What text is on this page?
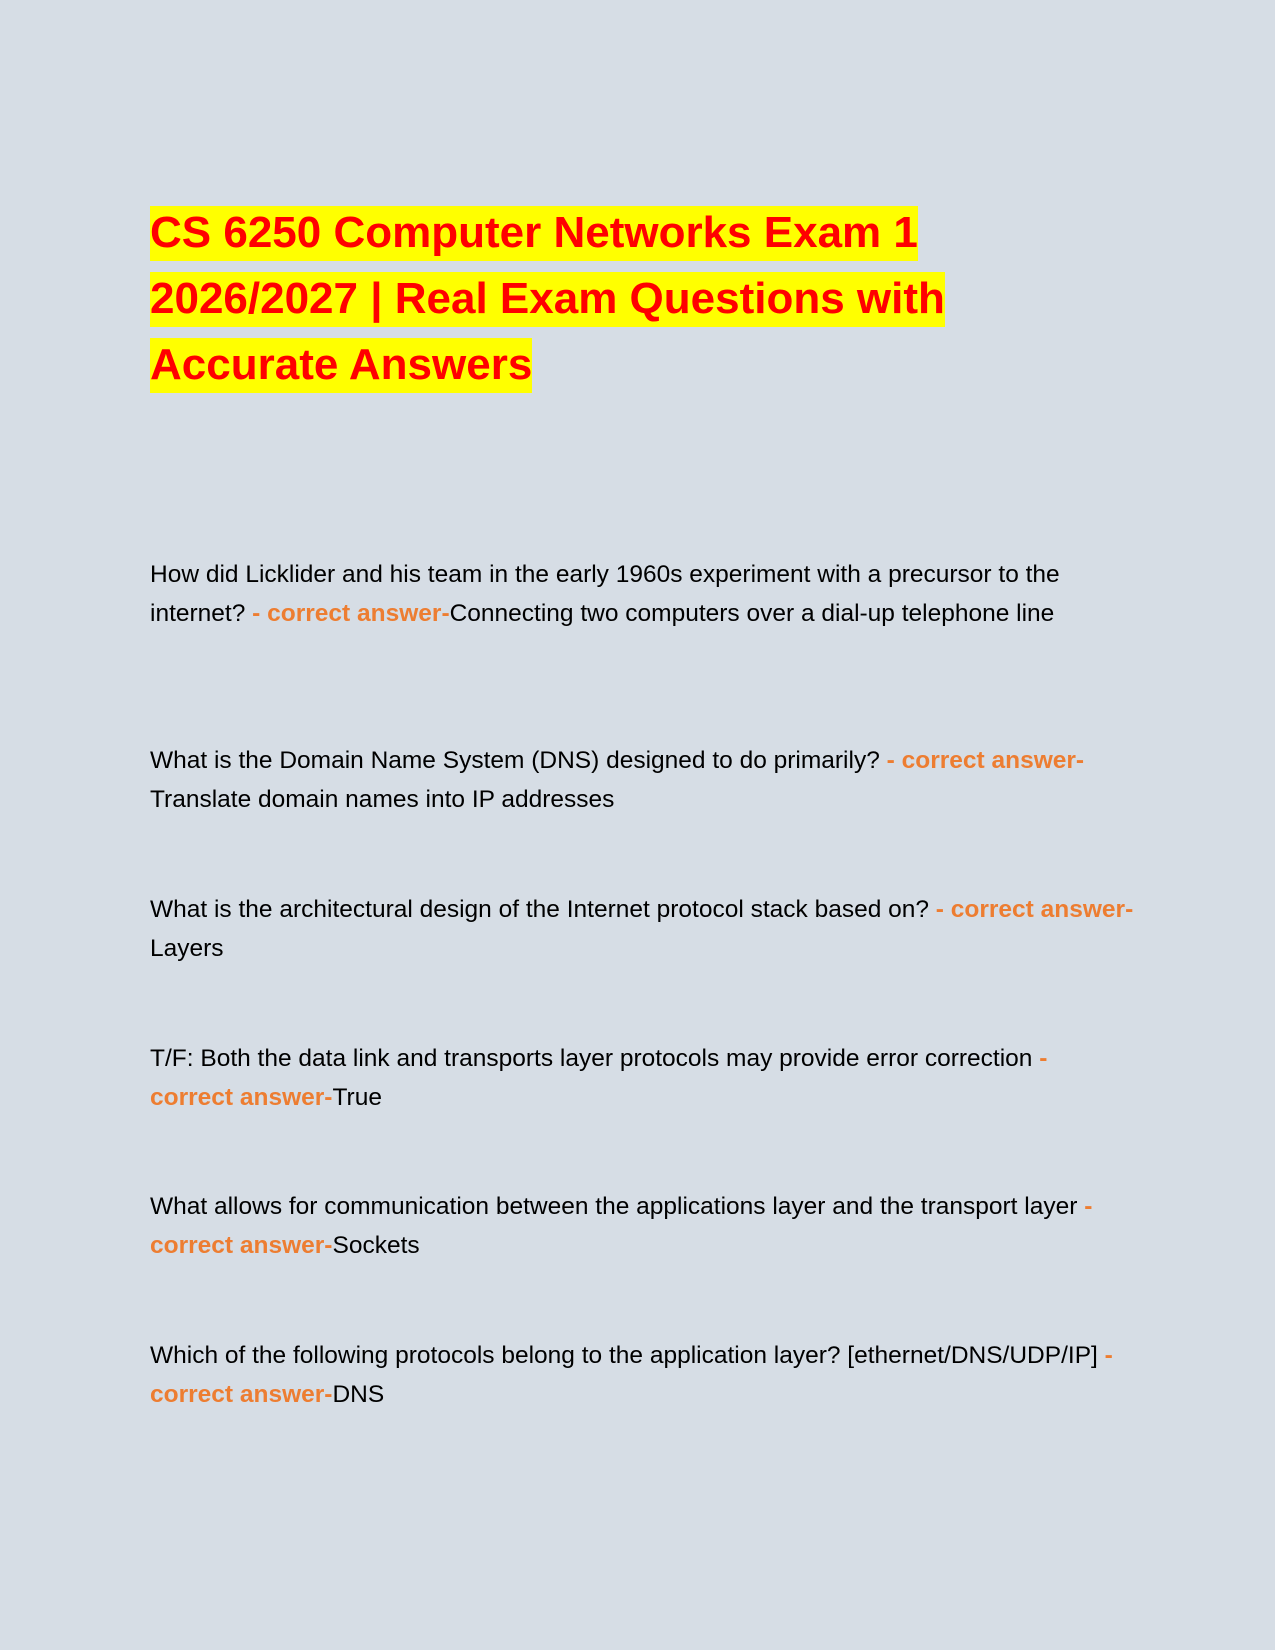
CS 6250 Computer Networks Exam 1
2026/2027 | Real Exam Questions with
Accurate Answers

How did Licklider and his team in the early 1960s experiment with a precursor to the internet? - correct answer-Connecting two computers over a dial-up telephone line

What is the Domain Name System (DNS) designed to do primarily? - correct answer-Translate domain names into IP addresses

What is the architectural design of the Internet protocol stack based on? - correct answer-Layers

T/F: Both the data link and transports layer protocols may provide error correction - correct answer-True

What allows for communication between the applications layer and the transport layer - correct answer-Sockets

Which of the following protocols belong to the application layer? [ethernet/DNS/UDP/IP] - correct answer-DNS
